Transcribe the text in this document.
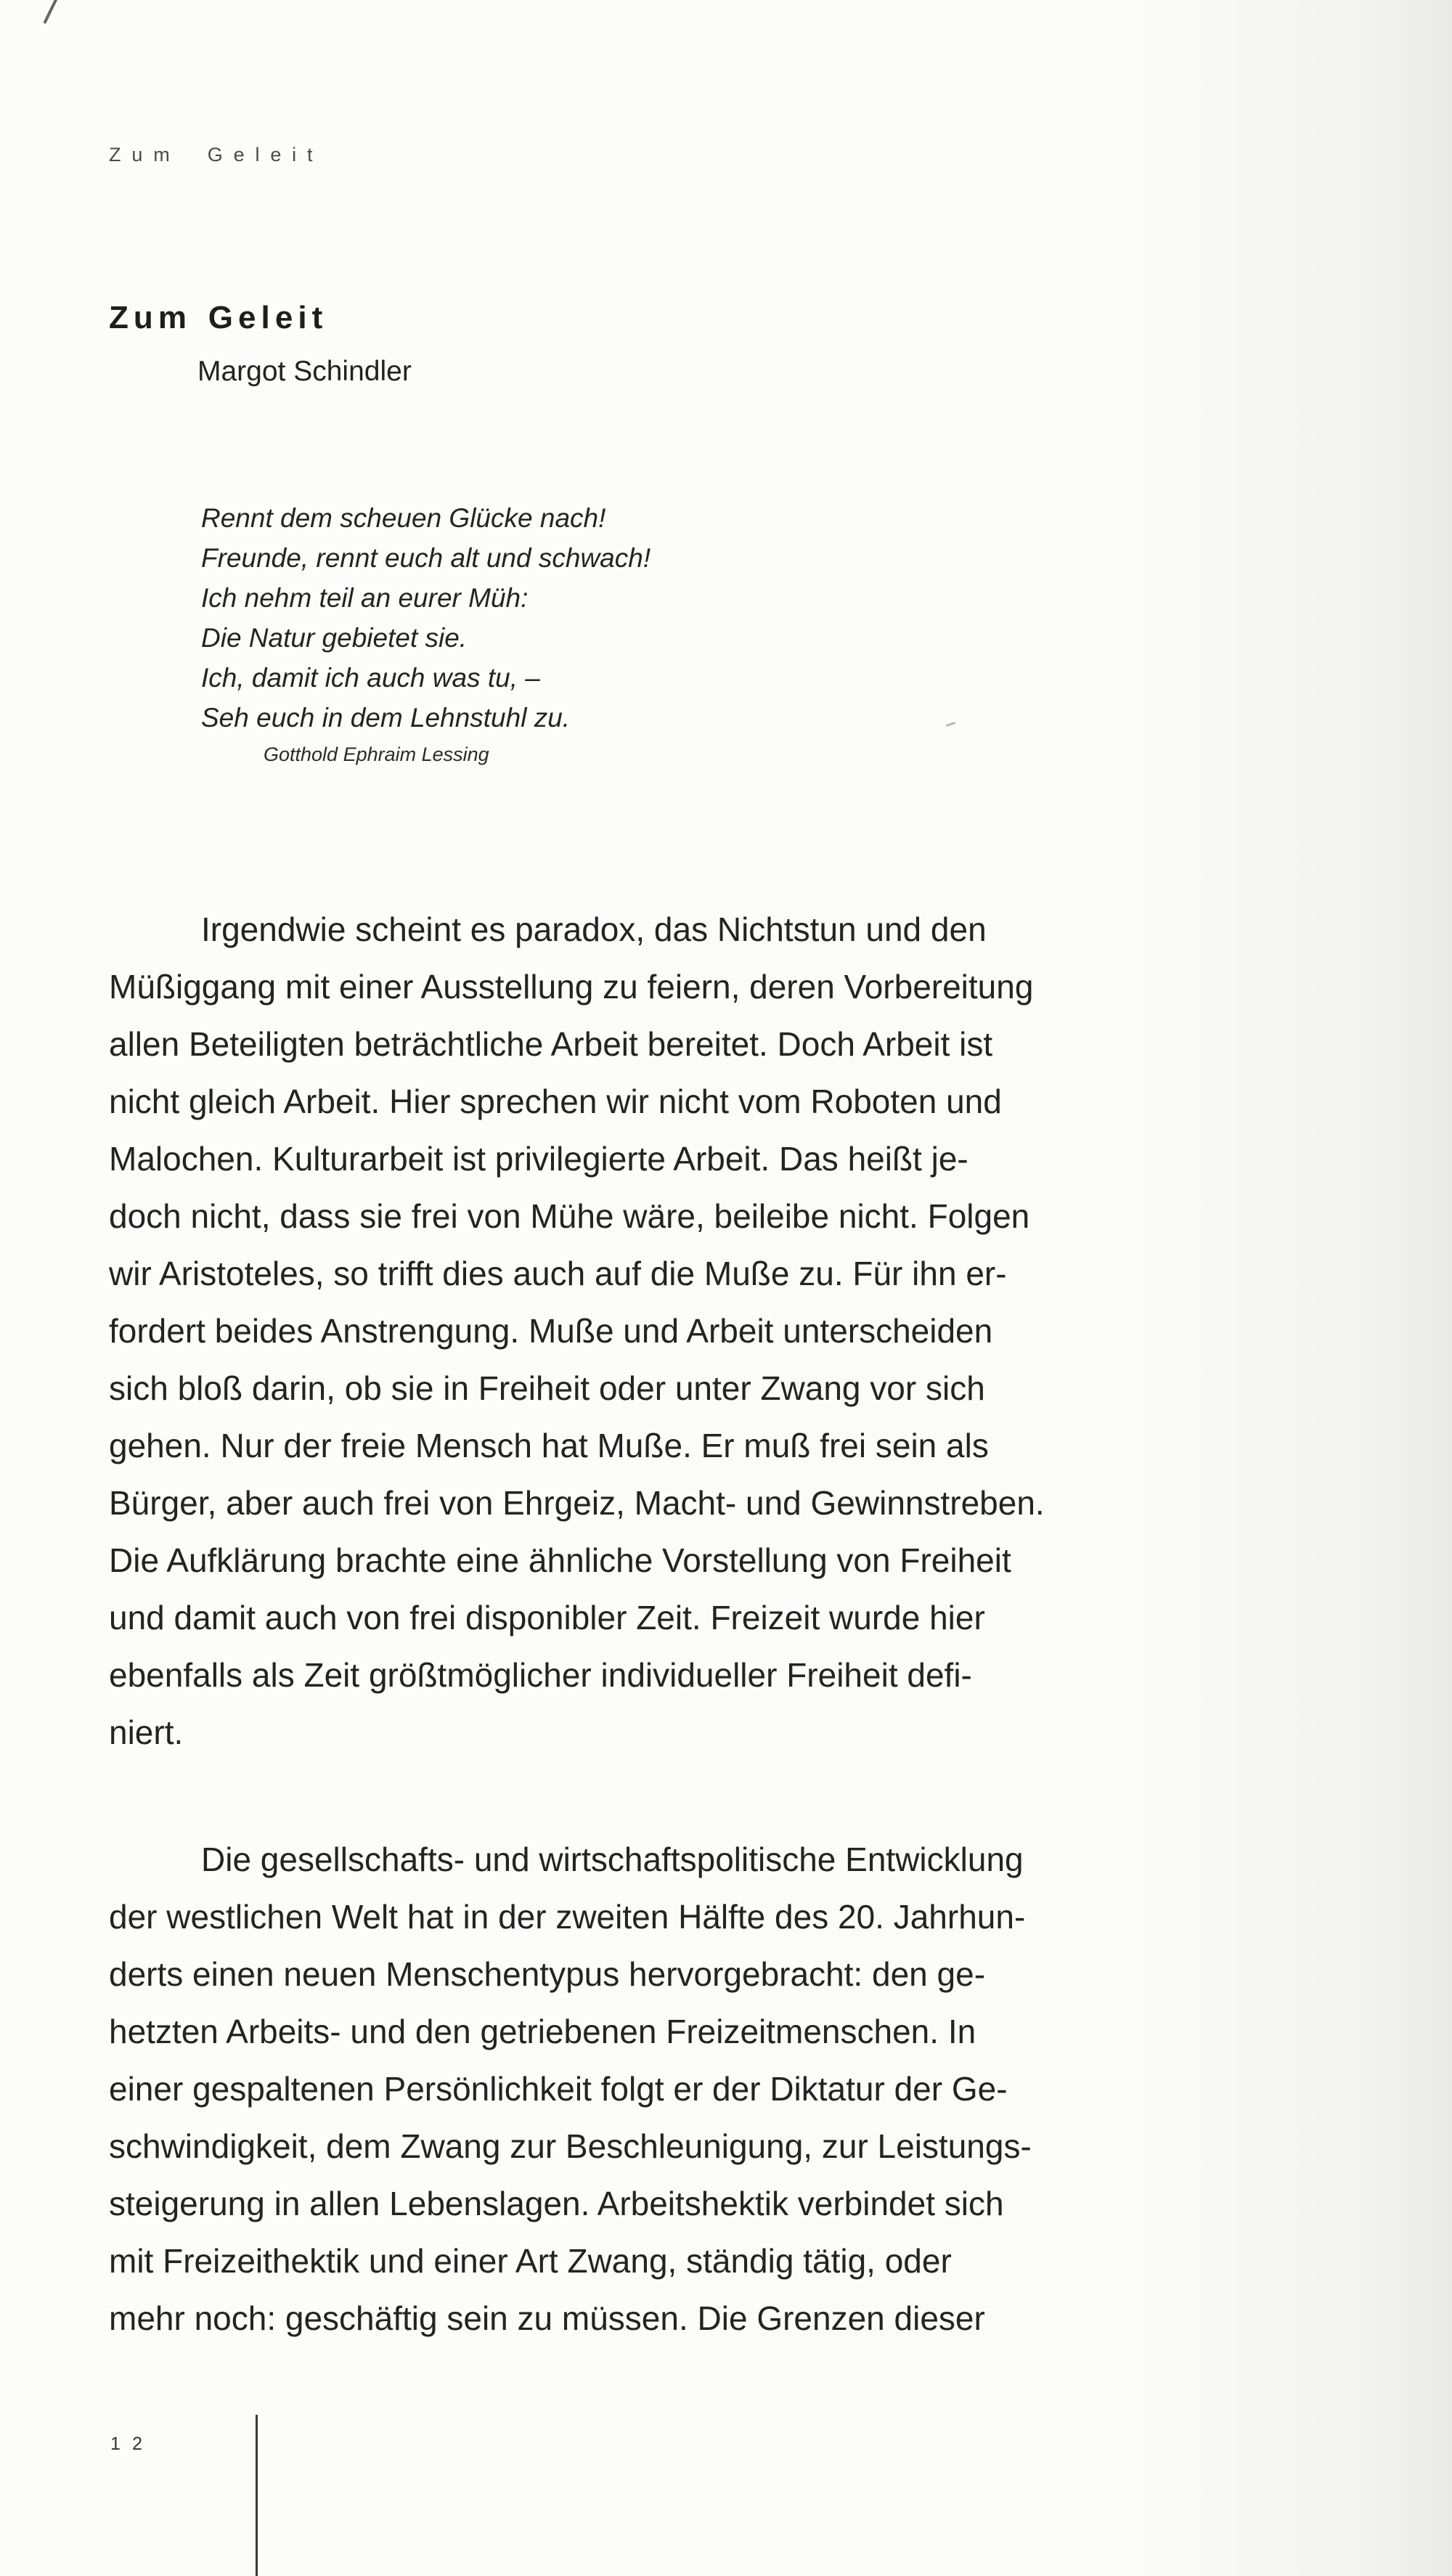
Zum Geleit
Zum Geleit
Margot Schindler
Rennt dem scheuen Glücke nach!
Freunde, rennt euch alt und schwach!
Ich nehm teil an eurer Müh:
Die Natur gebietet sie.
Ich, damit ich auch was tu, –
Seh euch in dem Lehnstuhl zu.
Gotthold Ephraim Lessing
Irgendwie scheint es paradox, das Nichtstun und den
Müßiggang mit einer Ausstellung zu feiern, deren Vorbereitung
allen Beteiligten beträchtliche Arbeit bereitet. Doch Arbeit ist
nicht gleich Arbeit. Hier sprechen wir nicht vom Roboten und
Malochen. Kulturarbeit ist privilegierte Arbeit. Das heißt je-
doch nicht, dass sie frei von Mühe wäre, beileibe nicht. Folgen
wir Aristoteles, so trifft dies auch auf die Muße zu. Für ihn er-
fordert beides Anstrengung. Muße und Arbeit unterscheiden
sich bloß darin, ob sie in Freiheit oder unter Zwang vor sich
gehen. Nur der freie Mensch hat Muße. Er muß frei sein als
Bürger, aber auch frei von Ehrgeiz, Macht- und Gewinnstreben.
Die Aufklärung brachte eine ähnliche Vorstellung von Freiheit
und damit auch von frei disponibler Zeit. Freizeit wurde hier
ebenfalls als Zeit größtmöglicher individueller Freiheit defi-
niert.
Die gesellschafts- und wirtschaftspolitische Entwicklung
der westlichen Welt hat in der zweiten Hälfte des 20. Jahrhun-
derts einen neuen Menschentypus hervorgebracht: den ge-
hetzten Arbeits- und den getriebenen Freizeitmenschen. In
einer gespaltenen Persönlichkeit folgt er der Diktatur der Ge-
schwindigkeit, dem Zwang zur Beschleunigung, zur Leistungs-
steigerung in allen Lebenslagen. Arbeitshektik verbindet sich
mit Freizeithektik und einer Art Zwang, ständig tätig, oder
mehr noch: geschäftig sein zu müssen. Die Grenzen dieser
12
